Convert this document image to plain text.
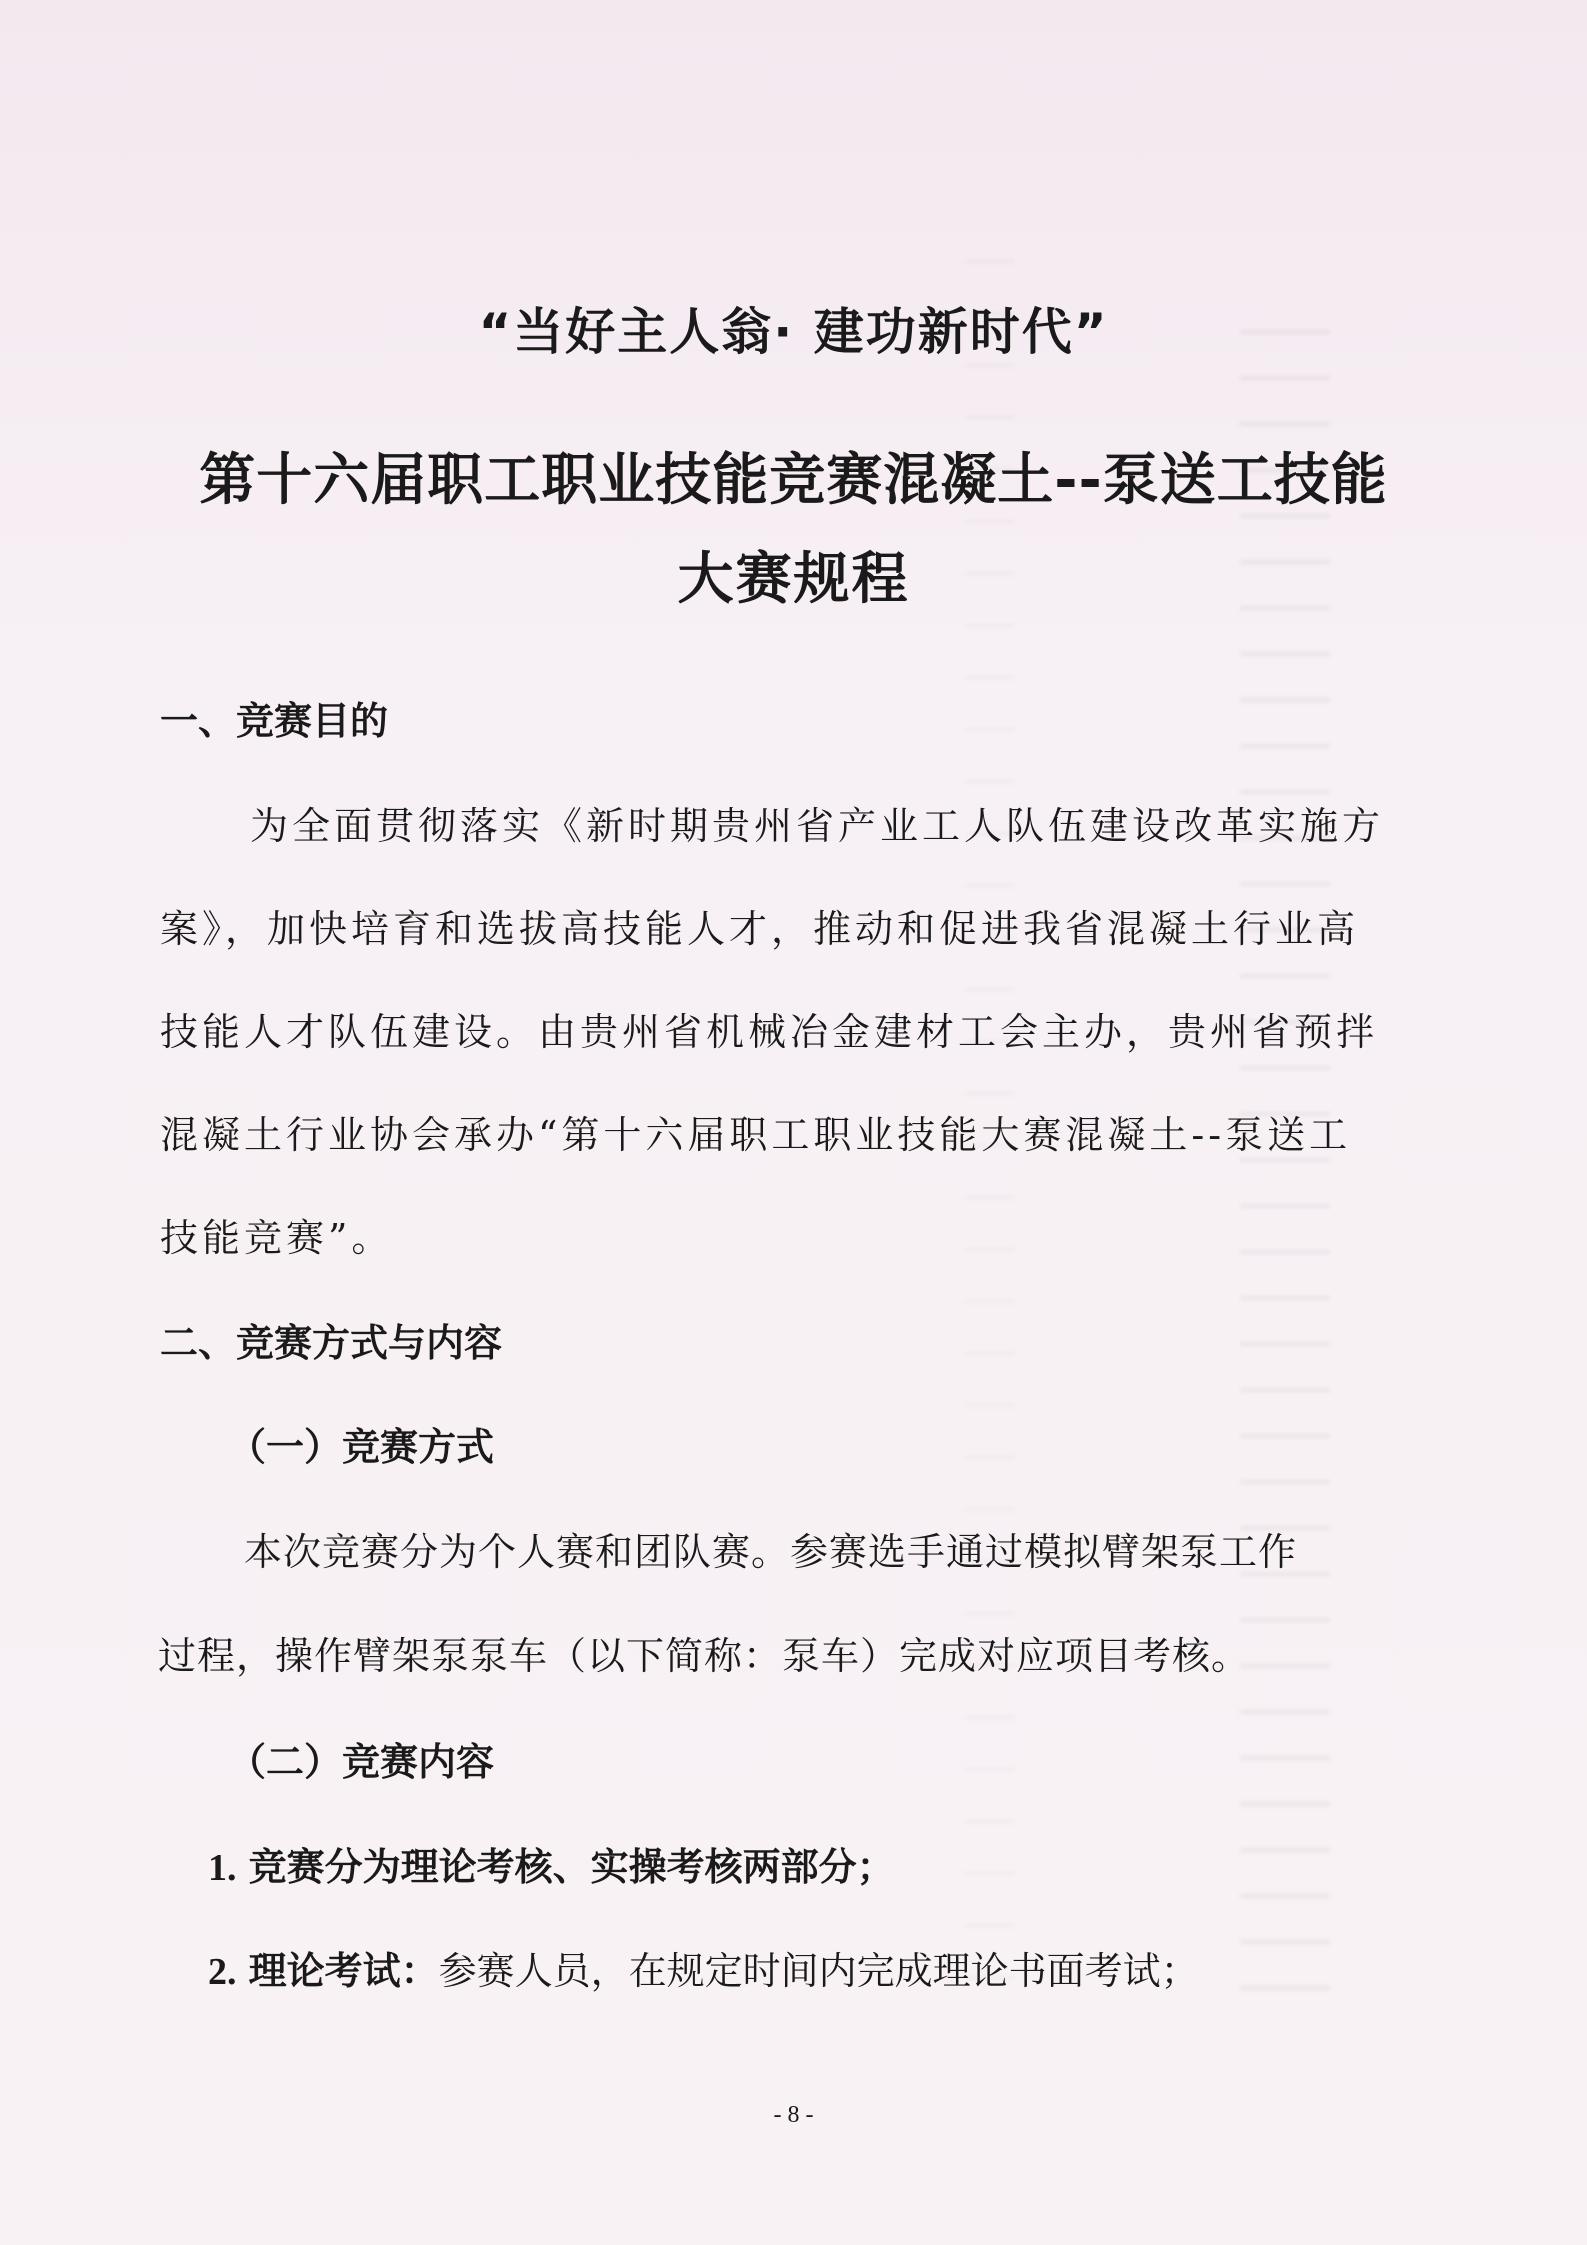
“当好主人翁· 建功新时代”
第十六届职工职业技能竞赛混凝土--泵送工技能
大赛规程
一、竞赛目的
为全面贯彻落实《新时期贵州省产业工人队伍建设改革实施方
案》，加快培育和选拔高技能人才，推动和促进我省混凝土行业高
技能人才队伍建设。由贵州省机械冶金建材工会主办，贵州省预拌
混凝土行业协会承办“第十六届职工职业技能大赛混凝土--泵送工
技能竞赛”。
二、竞赛方式与内容
（一）竞赛方式
本次竞赛分为个人赛和团队赛。参赛选手通过模拟臂架泵工作
过程，操作臂架泵泵车（以下简称：泵车）完成对应项目考核。
（二）竞赛内容
1. 竞赛分为理论考核、实操考核两部分；
2. 理论考试：参赛人员，在规定时间内完成理论书面考试；
- 8 -
